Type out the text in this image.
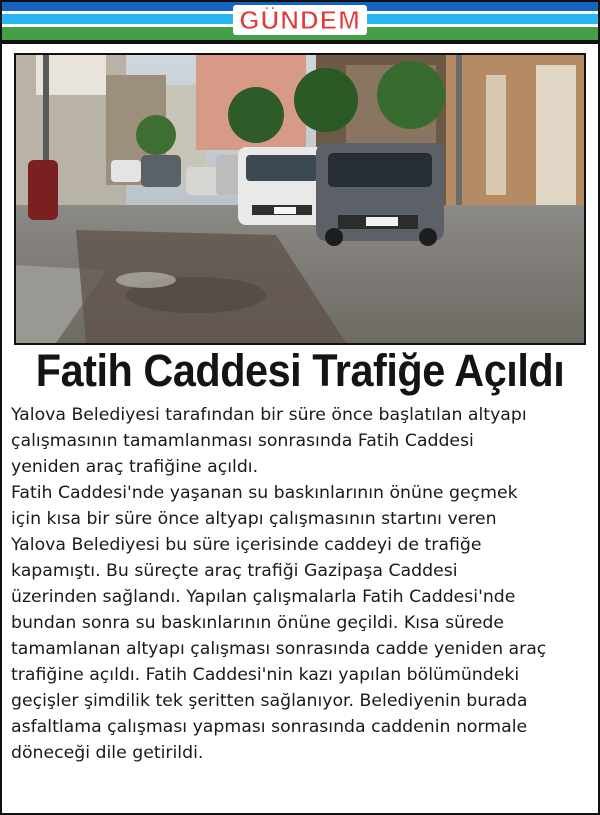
GÜNDEM
Fatih Caddesi Trafiğe Açıldı

Yalova Belediyesi tarafından bir süre önce başlatılan altyapı
çalışmasının tamamlanması sonrasında Fatih Caddesi
yeniden araç trafiğine açıldı.

Fatih Caddesi'nde yaşanan su baskınlarının önüne geçmek
için kısa bir süre önce altyapı çalışmasının startını veren
Yalova Belediyesi bu süre içerisinde caddeyi de trafiğe
kapamıştı. Bu süreçte araç trafiği Gazipaşa Caddesi
üzerinden sağlandı. Yapılan çalışmalarla Fatih Caddesi'nde
bundan sonra su baskınlarının önüne geçildi. Kısa sürede
tamamlanan altyapı çalışması sonrasında cadde yeniden araç
trafiğine açıldı. Fatih Caddesi'nin kazı yapılan bölümündeki
geçişler şimdilik tek şeritten sağlanıyor. Belediyenin burada
asfaltlama çalışması yapması sonrasında caddenin normale
döneceği dile getirildi.
